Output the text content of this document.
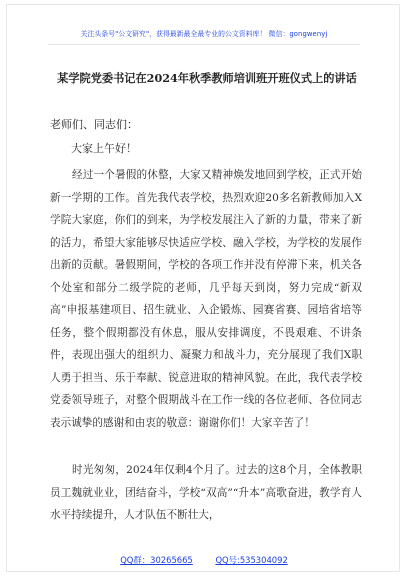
关注头条号"公文研究"，获得最新最全最专业的公文资料库！ 微信：gongwenyj
某学院党委书记在2024年秋季教师培训班开班仪式上的讲话
老师们、同志们：
大家上午好！

经过一个暑假的休整，大家又精神焕发地回到学校，正式开始新一学期的工作。首先我代表学校，热烈欢迎20多名新教师加入X学院大家庭，你们的到来，为学校发展注入了新的力量，带来了新的活力，希望大家能够尽快适应学校、融入学校，为学校的发展作出新的贡献。暑假期间，学校的各项工作并没有停滞下来，机关各个处室和部分二级学院的老师，几乎每天到岗，努力完成“新双高”申报基建项目、招生就业、入企锻炼、园赛省赛、园培省培等任务，整个假期都没有休息，服从安排调度，不畏艰难、不讲条件，表现出强大的组织力、凝聚力和战斗力，充分展现了我们X职人勇于担当、乐于奉献、锐意进取的精神风貌。在此，我代表学校党委领导班子，对整个假期战斗在工作一线的各位老师、各位同志表示诚挚的感谢和由衷的敬意：谢谢你们！大家辛苦了！

时光匆匆，2024年仅剩4个月了。过去的这8个月，全体教职员工魏就业业，团结奋斗，学校“双高”“升本”高歌奋进，教学育人水平持续提升，人才队伍不断壮大，

QQ群：30265665	QQ号:535304092
